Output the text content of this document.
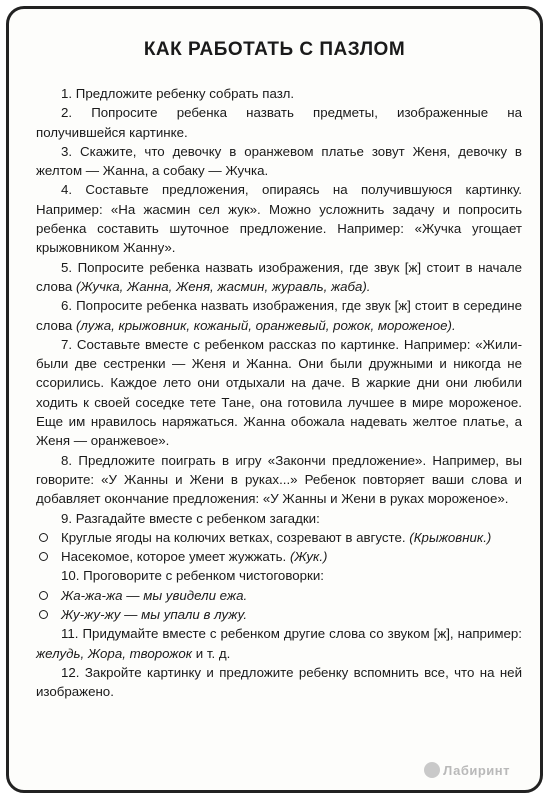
КАК РАБОТАТЬ С ПАЗЛОМ

1. Предложите ребенку собрать пазл.

2. Попросите ребенка назвать предметы, изображенные на получившейся картинке.

3. Скажите, что девочку в оранжевом платье зовут Женя, девочку в желтом — Жанна, а собаку — Жучка.

4. Составьте предложения, опираясь на получившуюся картинку. Например: «На жасмин сел жук». Можно усложнить задачу и попросить ребенка составить шуточное предложение. Например: «Жучка угощает крыжовником Жанну».

5. Попросите ребенка назвать изображения, где звук [ж] стоит в начале слова (Жучка, Жанна, Женя, жасмин, журавль, жаба).

6. Попросите ребенка назвать изображения, где звук [ж] стоит в середине слова (лужа, крыжовник, кожаный, оранжевый, рожок, мороженое).

7. Составьте вместе с ребенком рассказ по картинке. Например: «Жили-были две сестренки — Женя и Жанна. Они были дружными и никогда не ссорились. Каждое лето они отдыхали на даче. В жаркие дни они любили ходить к своей соседке тете Тане, она готовила лучшее в мире мороженое. Еще им нравилось наряжаться. Жанна обожала надевать желтое платье, а Женя — оранжевое».

8. Предложите поиграть в игру «Закончи предложение». Например, вы говорите: «У Жанны и Жени в руках...» Ребенок повторяет ваши слова и добавляет окончание предложения: «У Жанны и Жени в руках мороженое».

9. Разгадайте вместе с ребенком загадки:

Круглые ягоды на колючих ветках, созревают в августе. (Крыжовник.)

Насекомое, которое умеет жужжать. (Жук.)

10. Проговорите с ребенком чистоговорки:

Жа-жа-жа — мы увидели ежа.

Жу-жу-жу — мы упали в лужу.

11. Придумайте вместе с ребенком другие слова со звуком [ж], например: желудь, Жора, творожок и т. д.

12. Закройте картинку и предложите ребенку вспомнить все, что на ней изображено.

Лабиринт
